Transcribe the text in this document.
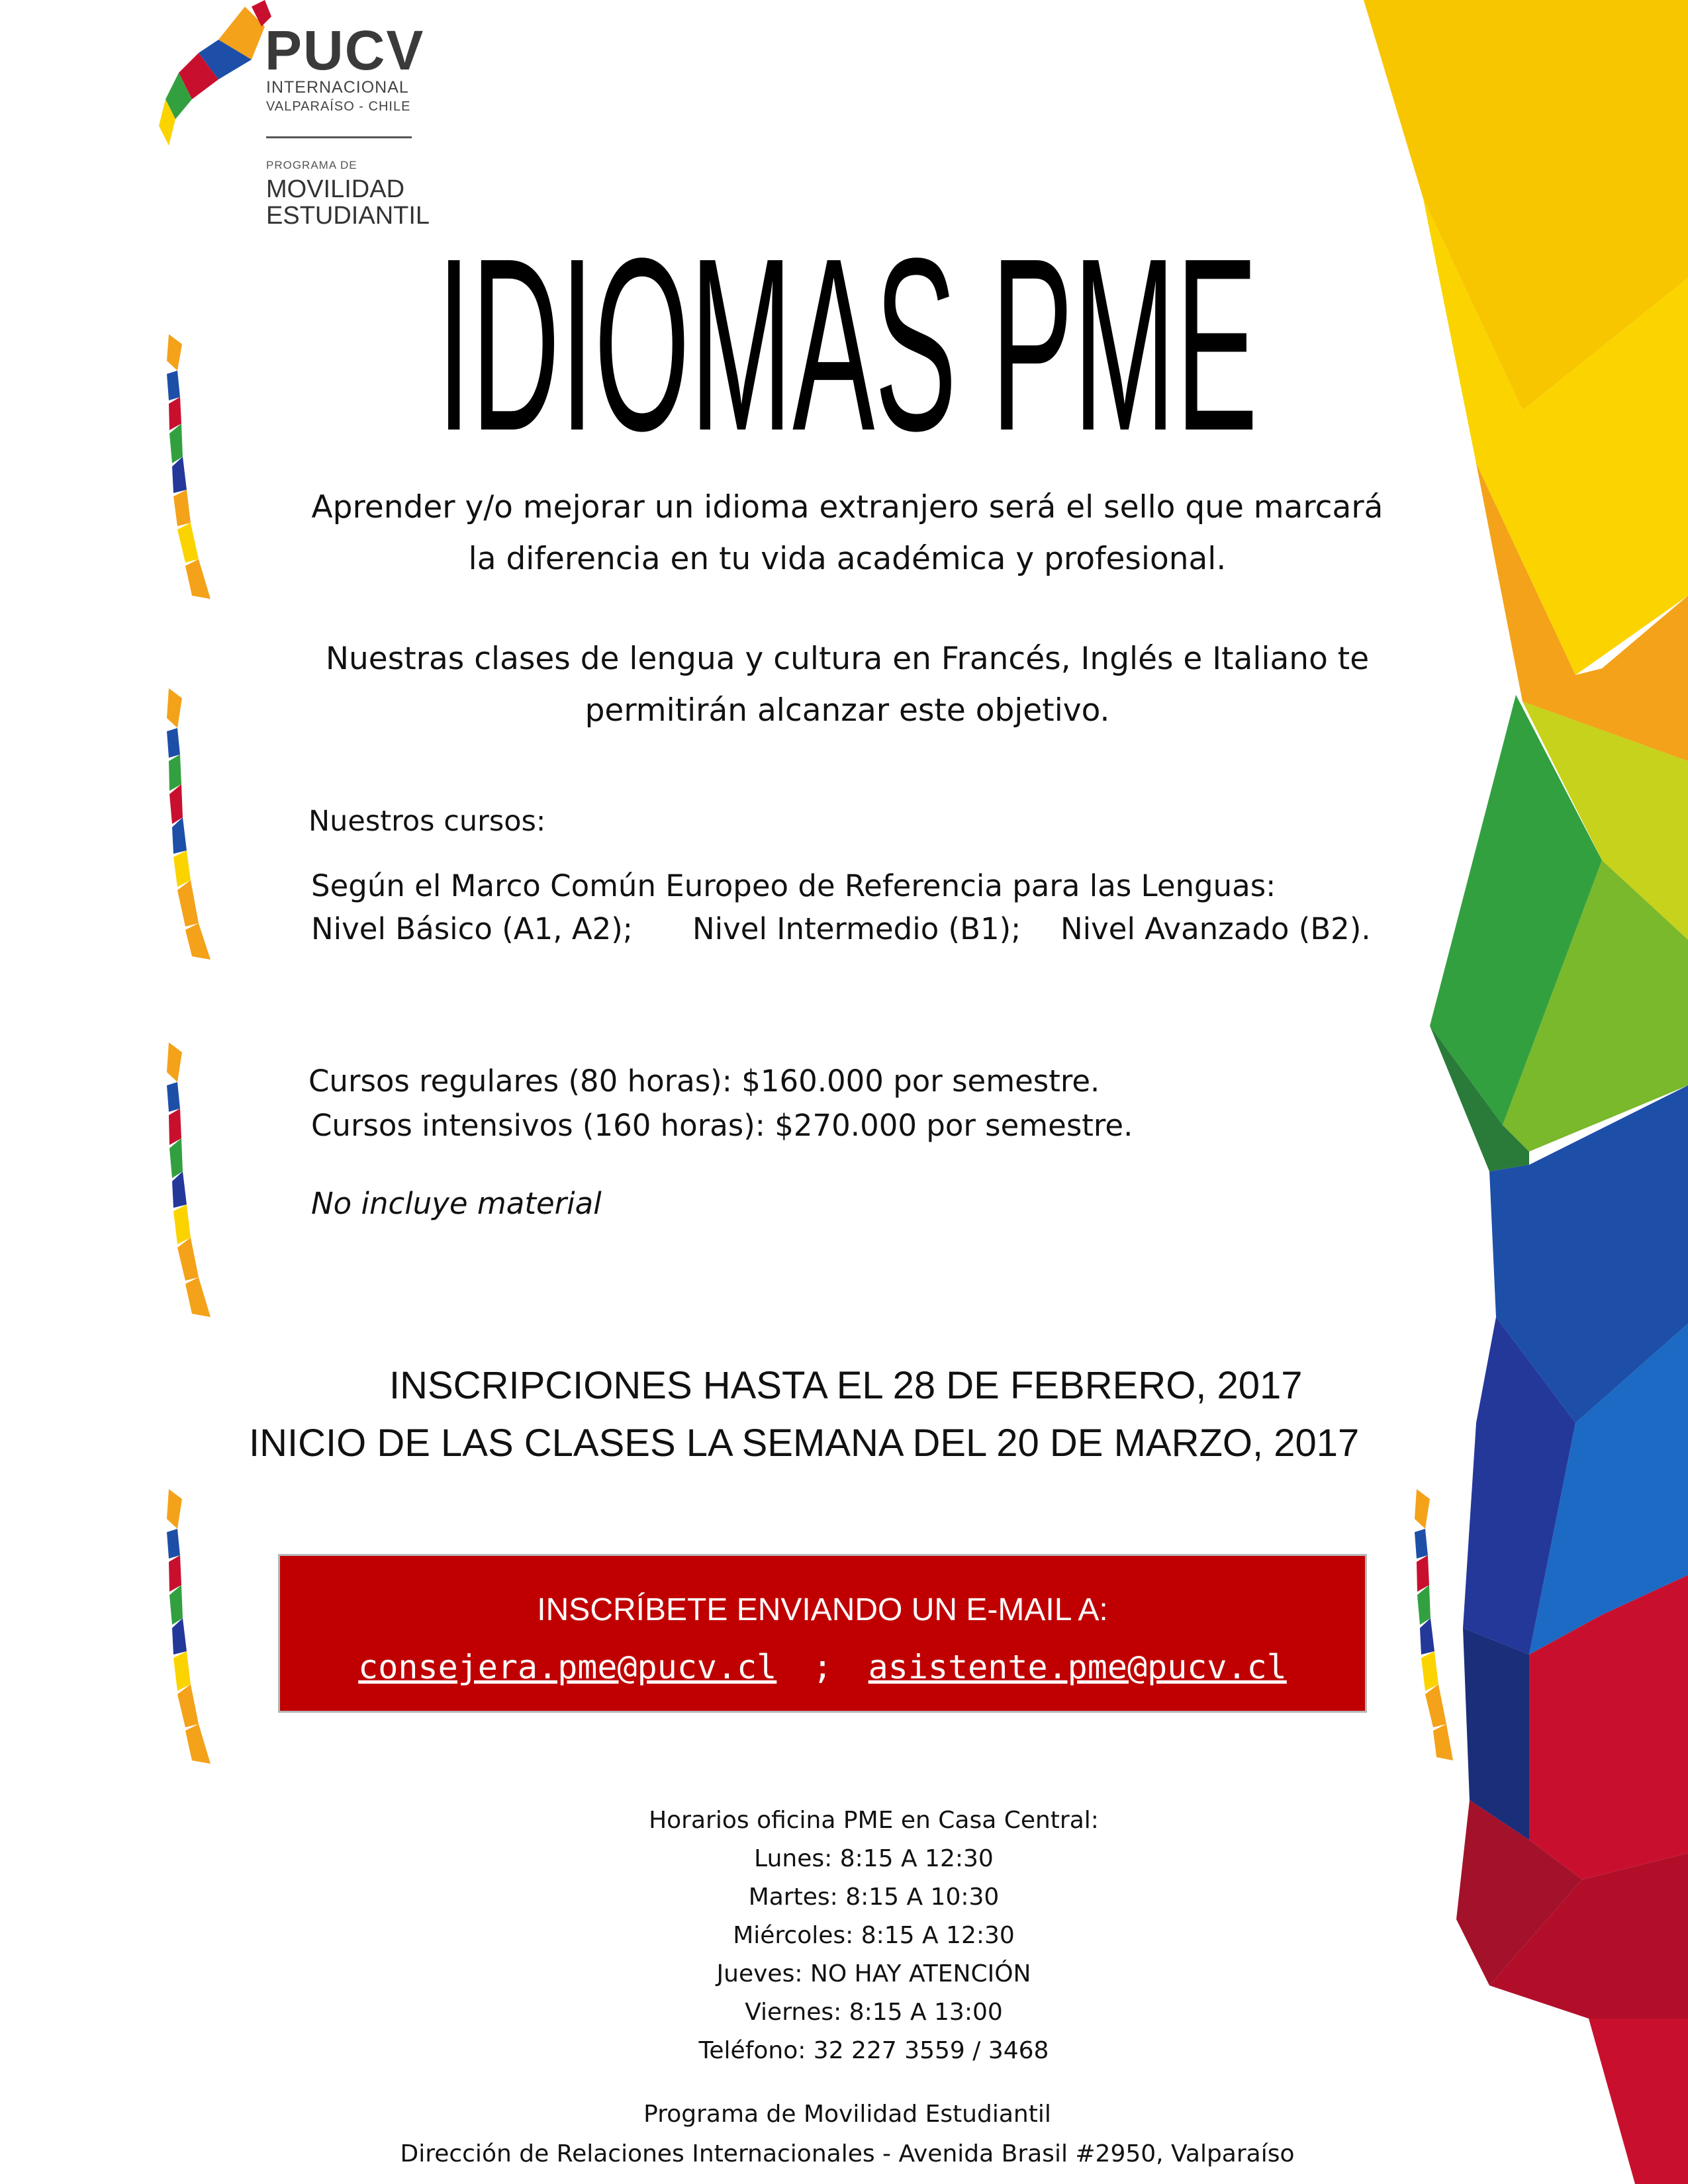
PUCV
INTERNACIONAL
VALPARAÍSO - CHILE
PROGRAMA DE
MOVILIDAD
ESTUDIANTIL IDIOMAS PME
Aprender y/o mejorar un idioma extranjero será el sello que marcará
la diferencia en tu vida académica y profesional.
Nuestras clases de lengua y cultura en Francés, Inglés e Italiano te
permitirán alcanzar este objetivo.
Nuestros cursos:
Según el Marco Común Europeo de Referencia para las Lenguas:
Nivel Básico (A1, A2); Nivel Intermedio (B1); Nivel Avanzado (B2).
Cursos regulares (80 horas): $160.000 por semestre.
Cursos intensivos (160 horas): $270.000 por semestre.
No incluye material
INSCRIPCIONES HASTA EL 28 DE FEBRERO, 2017
INICIO DE LAS CLASES LA SEMANA DEL 20 DE MARZO, 2017
INSCRÍBETE ENVIANDO UN E-MAIL A:
consejera.pme@pucv.cl ; asistente.pme@pucv.cl
Horarios oficina PME en Casa Central:
Lunes: 8:15 A 12:30
Martes: 8:15 A 10:30
Miércoles: 8:15 A 12:30
Jueves: NO HAY ATENCIÓN
Viernes: 8:15 A 13:00
Teléfono: 32 227 3559 / 3468
Programa de Movilidad Estudiantil
Dirección de Relaciones Internacionales - Avenida Brasil #2950, Valparaíso
